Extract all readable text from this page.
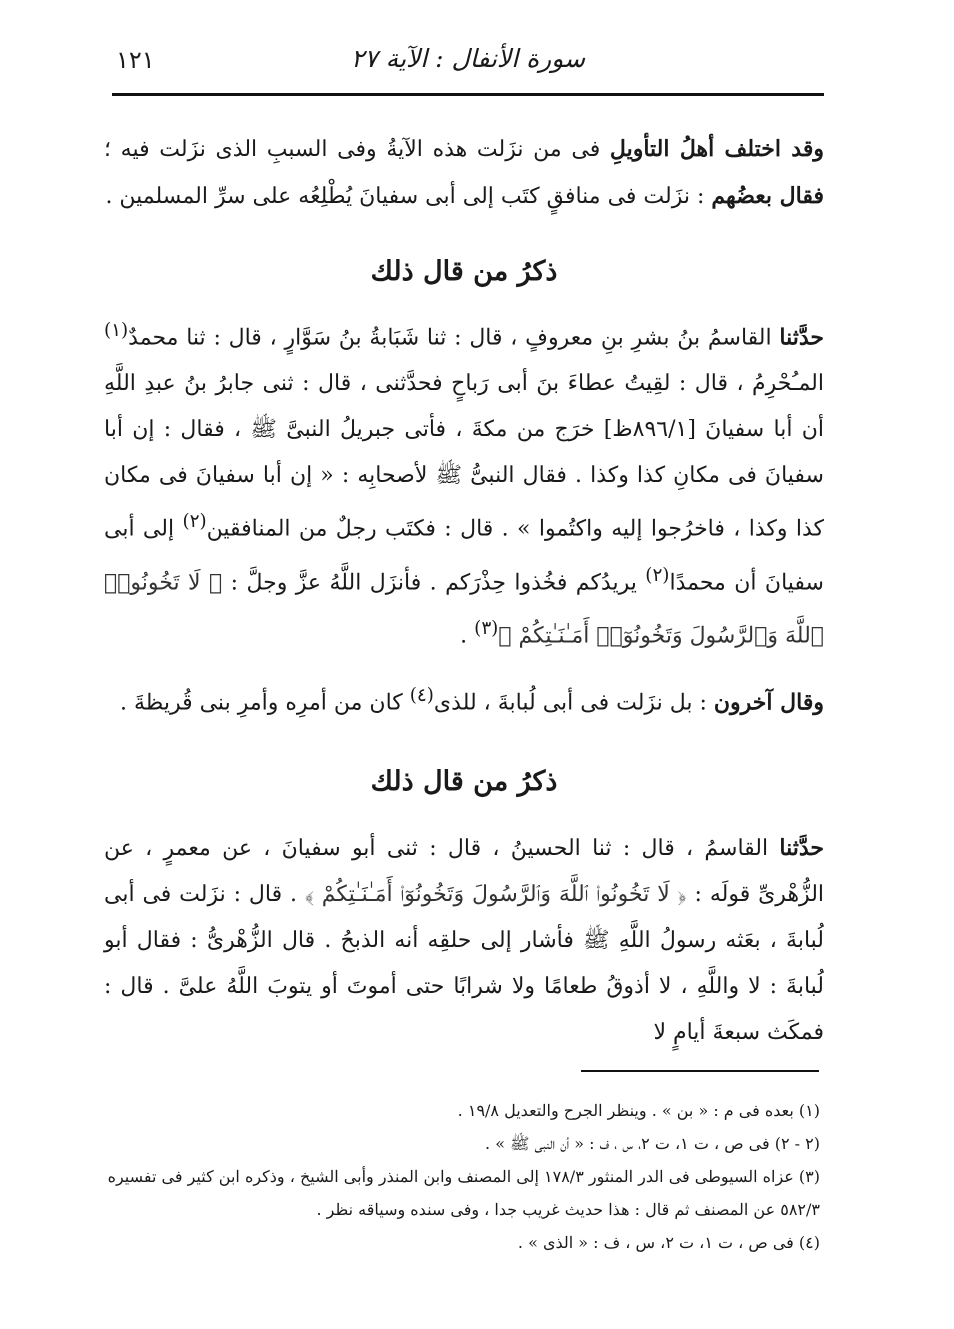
سورة الأنفال : الآية ٢٧
١٢١

وقد اختلف أهلُ التأويلِ فى من نزَلت هذه الآيةُ وفى السببِ الذى نزَلت فيه ؛ فقال بعضُهم : نزَلت فى منافقٍ كتَب إلى أبى سفيانَ يُطْلِعُه على سرِّ المسلمين .

ذكرُ من قال ذلك

حدَّثنا القاسمُ بنُ بشرِ بنِ معروفٍ ، قال : ثنا شَبَابةُ بنُ سَوَّارٍ ، قال : ثنا محمدٌ$^{(١)}$ المـُحْرِمُ ، قال : لقِيتُ عطاءَ بنَ أبى رَباحٍ فحدَّثنى ، قال : ثنى جابرُ بنُ عبدِ اللَّهِ أن أبا سفيانَ [٨٩٦/١ظ] خرَج من مكةَ ، فأتى جبريلُ النبىَّ ﷺ ، فقال : إن أبا سفيانَ فى مكانِ كذا وكذا . فقال النبىُّ ﷺ لأصحابِه : « إن أبا سفيانَ فى مكان كذا وكذا ، فاخرُجوا إليه واكتُموا » . قال : فكتَب رجلٌ من المنافقين$^{(٢)}$ إلى أبى سفيانَ أن محمدًا$^{(٢)}$ يريدُكم فخُذوا حِذْرَكم . فأنزَل اللَّهُ عزَّ وجلَّ : ﴿ لَا تَخُونُوا۟ ٱللَّهَ وَٱلرَّسُولَ وَتَخُونُوٓا۟ أَمَـٰنَـٰتِكُمْ ﴾$^{(٣)}$ .

وقال آخرون : بل نزَلت فى أبى لُبابةَ ، للذى$^{(٤)}$ كان من أمرِه وأمرِ بنى قُريظةَ .

ذكرُ من قال ذلك

حدَّثنا القاسمُ ، قال : ثنا الحسينُ ، قال : ثنى أبو سفيانَ ، عن معمرٍ ، عن الزُّهْرىِّ قولَه : ﴿ لَا تَخُونُوا۟ ٱللَّهَ وَٱلرَّسُولَ وَتَخُونُوٓا۟ أَمَـٰنَـٰتِكُمْ ﴾ . قال : نزَلت فى أبى لُبابةَ ، بعَثه رسولُ اللَّهِ ﷺ فأشار إلى حلقِه أنه الذبحُ . قال الزُّهْرىُّ : فقال أبو لُبابةَ : لا واللَّهِ ، لا أذوقُ طعامًا ولا شرابًا حتى أموتَ أو يتوبَ اللَّهُ علىَّ . قال : فمكَث سبعةَ أيامٍ لا

(١) بعده فى م : « بن » . وينظر الجرح والتعديل ١٩/٨ .

(٢ - ٢) فى ص ، ت ١، ت ٢، س ، ف : « أن النبى ﷺ » .

(٣) عزاه السيوطى فى الدر المنثور ١٧٨/٣ إلى المصنف وابن المنذر وأبى الشيخ ، وذكره ابن كثير فى تفسيره ٥٨٢/٣ عن المصنف ثم قال : هذا حديث غريب جدا ، وفى سنده وسياقه نظر .

(٤) فى ص ، ت ١، ت ٢، س ، ف : « الذى » .
